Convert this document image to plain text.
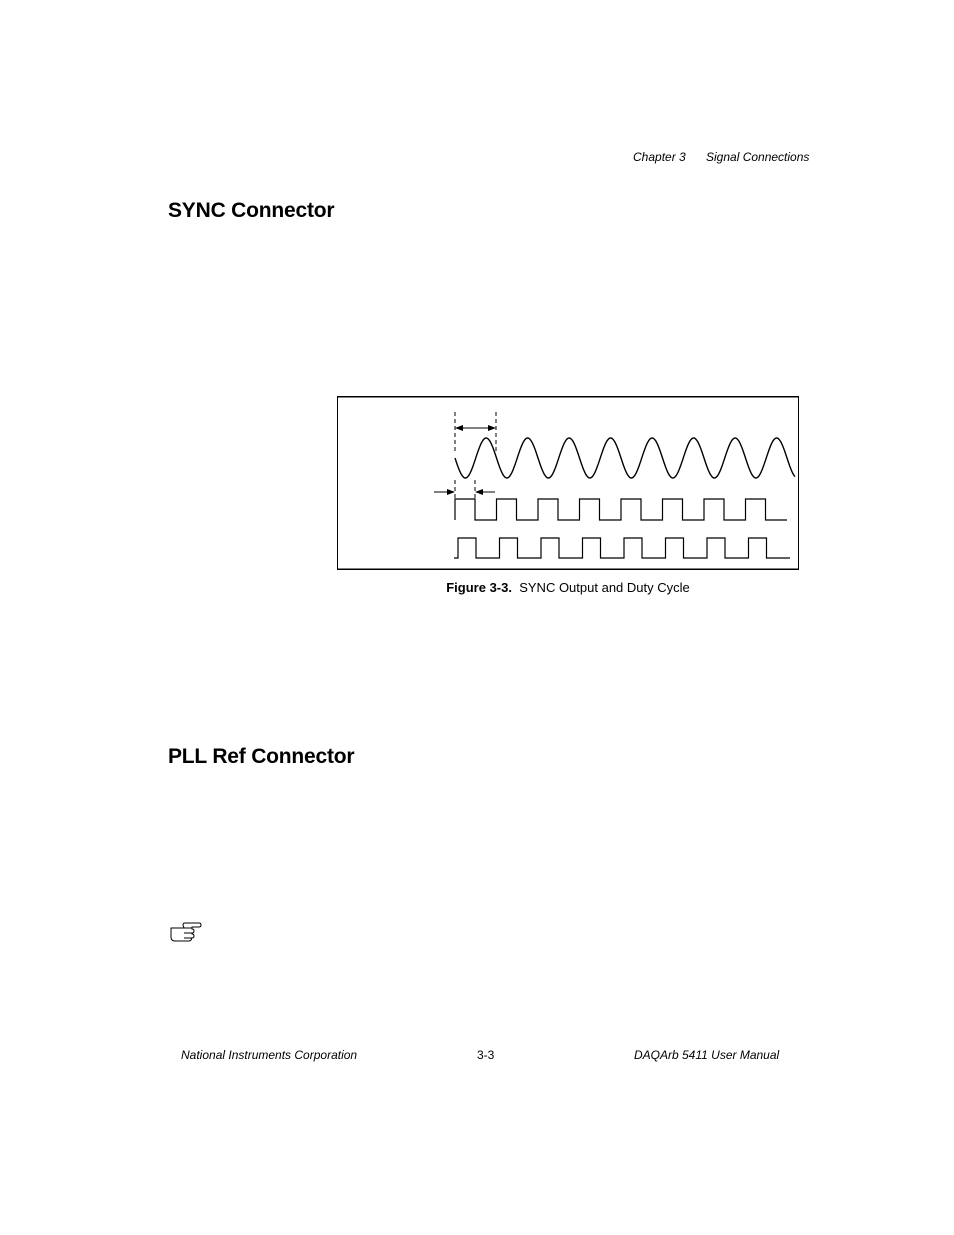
Chapter 3 Signal Connections
SYNC Connector
Figure 3-3. SYNC Output and Duty Cycle
PLL Ref Connector
National Instruments Corporation	3-3	DAQArb 5411 User Manual
